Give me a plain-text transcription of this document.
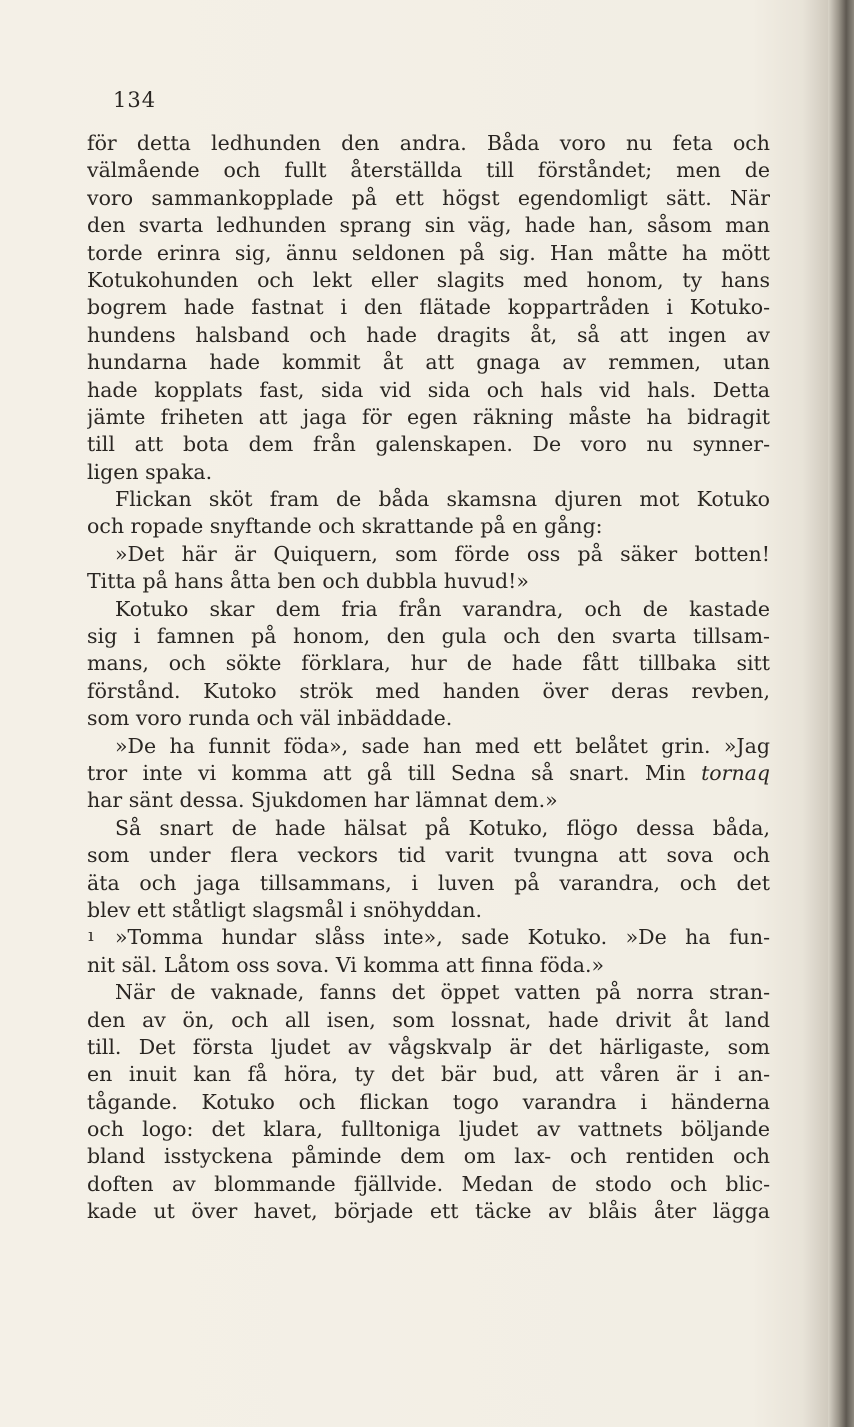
134
ı
för detta ledhunden den andra. Båda voro nu feta och
välmående och fullt återställda till förståndet; men de
voro sammankopplade på ett högst egendomligt sätt. När
den svarta ledhunden sprang sin väg, hade han, såsom man
torde erinra sig, ännu seldonen på sig. Han måtte ha mött
Kotukohunden och lekt eller slagits med honom, ty hans
bogrem hade fastnat i den flätade koppartråden i Kotuko-
hundens halsband och hade dragits åt, så att ingen av
hundarna hade kommit åt att gnaga av remmen, utan
hade kopplats fast, sida vid sida och hals vid hals. Detta
jämte friheten att jaga för egen räkning måste ha bidragit
till att bota dem från galenskapen. De voro nu synner-
ligen spaka.
Flickan sköt fram de båda skamsna djuren mot Kotuko
och ropade snyftande och skrattande på en gång:
»Det här är Quiquern, som förde oss på säker botten!
Titta på hans åtta ben och dubbla huvud!»
Kotuko skar dem fria från varandra, och de kastade
sig i famnen på honom, den gula och den svarta tillsam-
mans, och sökte förklara, hur de hade fått tillbaka sitt
förstånd. Kutoko strök med handen över deras revben,
som voro runda och väl inbäddade.
»De ha funnit föda», sade han med ett belåtet grin. »Jag
tror inte vi komma att gå till Sedna så snart. Min tornaq
har sänt dessa. Sjukdomen har lämnat dem.»
Så snart de hade hälsat på Kotuko, flögo dessa båda,
som under flera veckors tid varit tvungna att sova och
äta och jaga tillsammans, i luven på varandra, och det
blev ett ståtligt slagsmål i snöhyddan.
»Tomma hundar slåss inte», sade Kotuko. »De ha fun-
nit säl. Låtom oss sova. Vi komma att finna föda.»
När de vaknade, fanns det öppet vatten på norra stran-
den av ön, och all isen, som lossnat, hade drivit åt land
till. Det första ljudet av vågskvalp är det härligaste, som
en inuit kan få höra, ty det bär bud, att våren är i an-
tågande. Kotuko och flickan togo varandra i händerna
och logo: det klara, fulltoniga ljudet av vattnets böljande
bland isstyckena påminde dem om lax- och rentiden och
doften av blommande fjällvide. Medan de stodo och blic-
kade ut över havet, började ett täcke av blåis åter lägga
